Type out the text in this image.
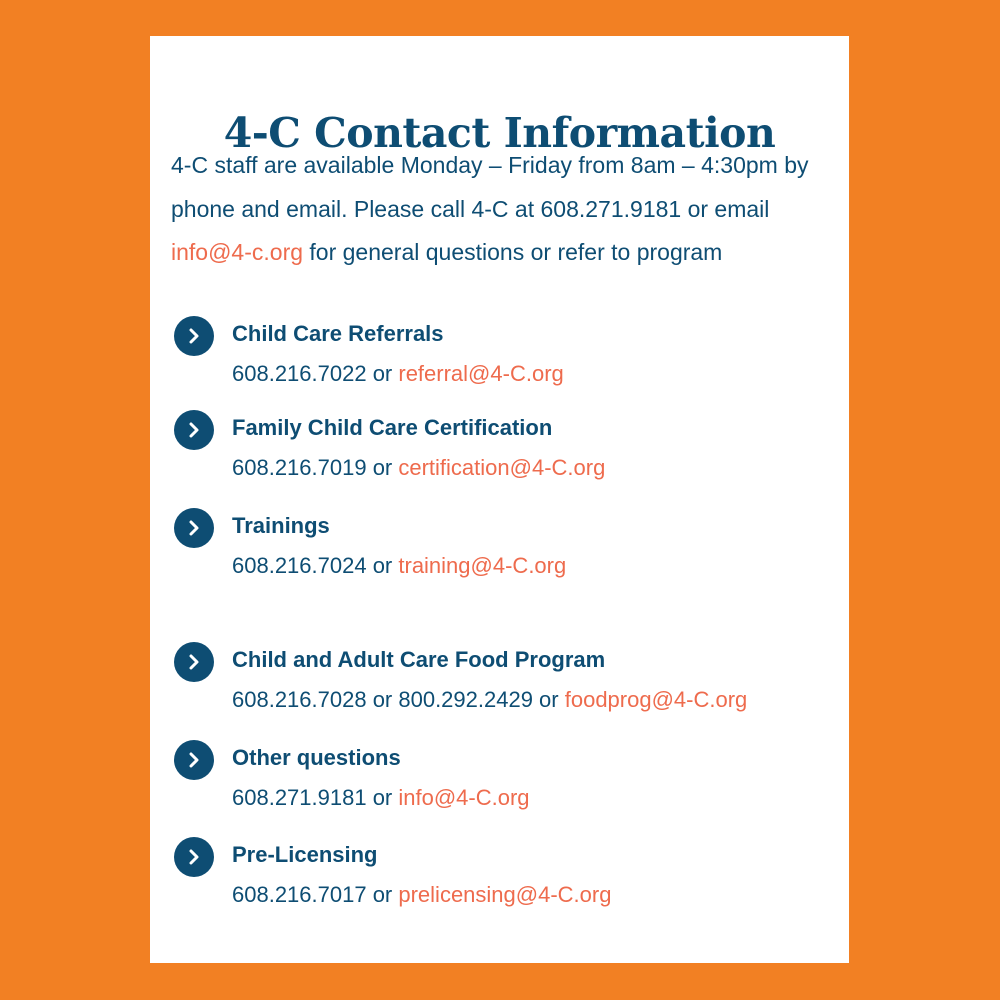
4-C Contact Information

4-C staff are available Monday – Friday from 8am – 4:30pm by phone and email. Please call 4-C at 608.271.9181 or email info@4-c.org for general questions or refer to program

Child Care Referrals
608.216.7022 or referral@4-C.org
Family Child Care Certification
608.216.7019 or certification@4-C.org
Trainings
608.216.7024 or training@4-C.org
Child and Adult Care Food Program
608.216.7028 or 800.292.2429 or foodprog@4-C.org
Other questions
608.271.9181 or info@4-C.org
Pre-Licensing
608.216.7017 or prelicensing@4-C.org
